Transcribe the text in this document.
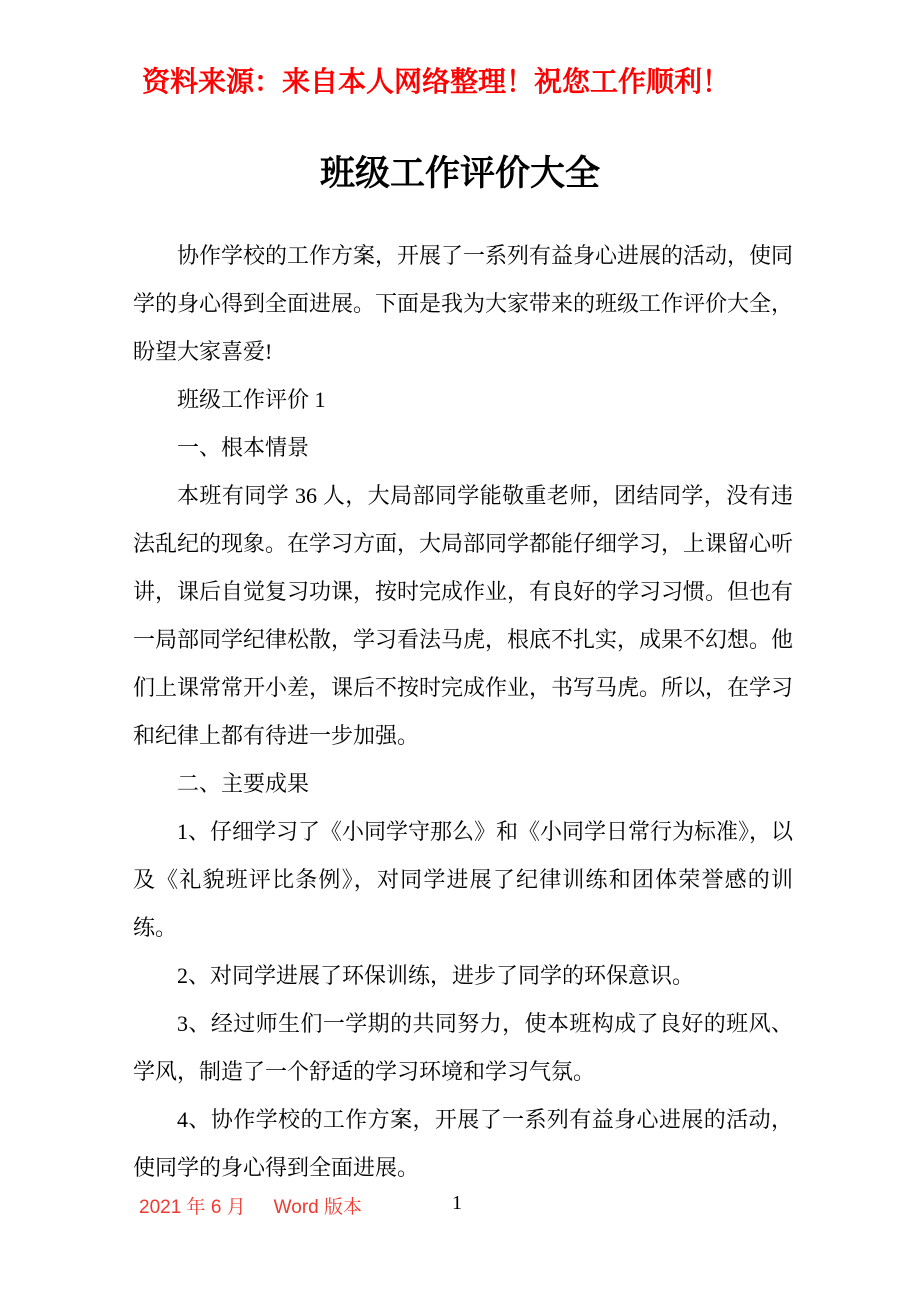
资料来源：来自本人网络整理！祝您工作顺利！
班级工作评价大全

协作学校的工作方案，开展了一系列有益身心进展的活动，使同学的身心得到全面进展。下面是我为大家带来的班级工作评价大全，盼望大家喜爱!

班级工作评价 1

一、根本情景

本班有同学 36 人，大局部同学能敬重老师，团结同学，没有违法乱纪的现象。在学习方面，大局部同学都能仔细学习，上课留心听讲，课后自觉复习功课，按时完成作业，有良好的学习习惯。但也有一局部同学纪律松散，学习看法马虎，根底不扎实，成果不幻想。他们上课常常开小差，课后不按时完成作业，书写马虎。所以，在学习和纪律上都有待进一步加强。

二、主要成果

1、仔细学习了《小同学守那么》和《小同学日常行为标准》，以及《礼貌班评比条例》，对同学进展了纪律训练和团体荣誉感的训练。

2、对同学进展了环保训练，进步了同学的环保意识。

3、经过师生们一学期的共同努力，使本班构成了良好的班风、学风，制造了一个舒适的学习环境和学习气氛。

4、协作学校的工作方案，开展了一系列有益身心进展的活动，使同学的身心得到全面进展。

2021 年 6 月 Word 版本	1
